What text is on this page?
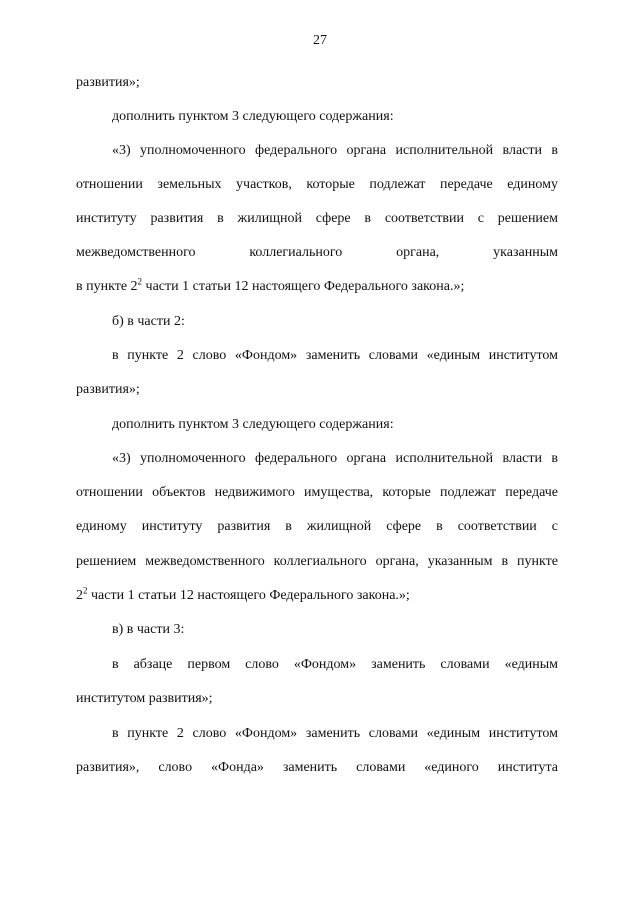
27
развития»;
дополнить пунктом 3 следующего содержания:
«3) уполномоченного федерального органа исполнительной власти в
отношении земельных участков, которые подлежат передаче единому
институту развития в жилищной сфере в соответствии с решением
межведомственного	коллегиального	органа,	указанным
в пункте $2^2$ части 1 статьи 12 настоящего Федерального закона.»;
б) в части 2:
в пункте 2 слово «Фондом» заменить словами «единым институтом
развития»;
дополнить пунктом 3 следующего содержания:
«3) уполномоченного федерального органа исполнительной власти в
отношении объектов недвижимого имущества, которые подлежат передаче
единому институту развития в жилищной сфере в соответствии с
решением межведомственного коллегиального органа, указанным в пункте
$2^2$ части 1 статьи 12 настоящего Федерального закона.»;
в) в части 3:
в абзаце первом слово «Фондом» заменить словами «единым
институтом развития»;
в пункте 2 слово «Фондом» заменить словами «единым институтом
развития», слово «Фонда» заменить словами «единого института
